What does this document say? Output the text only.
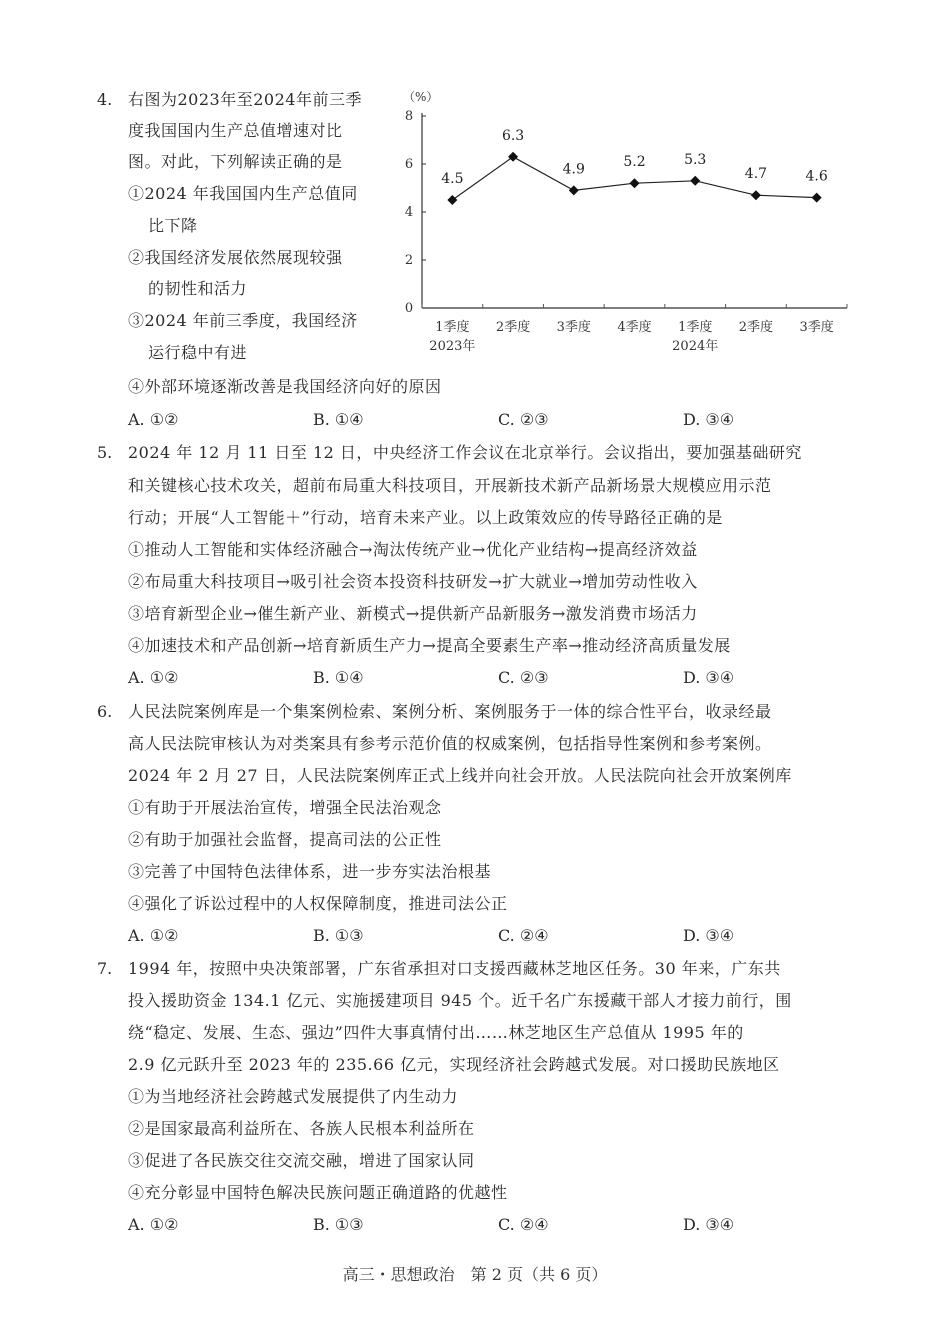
4. 右图为2023年至2024年前三季
度我国国内生产总值增速对比
图。对此，下列解读正确的是
①2024 年我国国内生产总值同
比下降
②我国经济发展依然展现较强
的韧性和活力
③2024 年前三季度，我国经济
运行稳中有进
④外部环境逐渐改善是我国经济向好的原因
A. ①②	B. ①④	C. ②③	D. ③④
（%）
0
2
4
6
8
4.5
6.3
4.9	5.2	5.3
4.7	4.6
1季度 2季度 3季度 4季度 1季度 2季度 3季度
2023年	2024年
5. 2024 年 12 月 11 日至 12 日，中央经济工作会议在北京举行。会议指出，要加强基础研究
和关键核心技术攻关，超前布局重大科技项目，开展新技术新产品新场景大规模应用示范
行动；开展“人工智能＋”行动，培育未来产业。以上政策效应的传导路径正确的是
①推动人工智能和实体经济融合→淘汰传统产业→优化产业结构→提高经济效益
②布局重大科技项目→吸引社会资本投资科技研发→扩大就业→增加劳动性收入
③培育新型企业→催生新产业、新模式→提供新产品新服务→激发消费市场活力
④加速技术和产品创新→培育新质生产力→提高全要素生产率→推动经济高质量发展
A. ①②	B. ①④	C. ②③	D. ③④
6. 人民法院案例库是一个集案例检索、案例分析、案例服务于一体的综合性平台，收录经最
高人民法院审核认为对类案具有参考示范价值的权威案例，包括指导性案例和参考案例。
2024 年 2 月 27 日，人民法院案例库正式上线并向社会开放。人民法院向社会开放案例库
①有助于开展法治宣传，增强全民法治观念
②有助于加强社会监督，提高司法的公正性
③完善了中国特色法律体系，进一步夯实法治根基
④强化了诉讼过程中的人权保障制度，推进司法公正
A. ①②	B. ①③	C. ②④	D. ③④
7. 1994 年，按照中央决策部署，广东省承担对口支援西藏林芝地区任务。30 年来，广东共
投入援助资金 134.1 亿元、实施援建项目 945 个。近千名广东援藏干部人才接力前行，围
绕“稳定、发展、生态、强边”四件大事真情付出……林芝地区生产总值从 1995 年的
2.9 亿元跃升至 2023 年的 235.66 亿元，实现经济社会跨越式发展。对口援助民族地区
①为当地经济社会跨越式发展提供了内生动力
②是国家最高利益所在、各族人民根本利益所在
③促进了各民族交往交流交融，增进了国家认同
④充分彰显中国特色解决民族问题正确道路的优越性
A. ①②	B. ①③	C. ②④	D. ③④
高三・思想政治　第 2 页（共 6 页）
